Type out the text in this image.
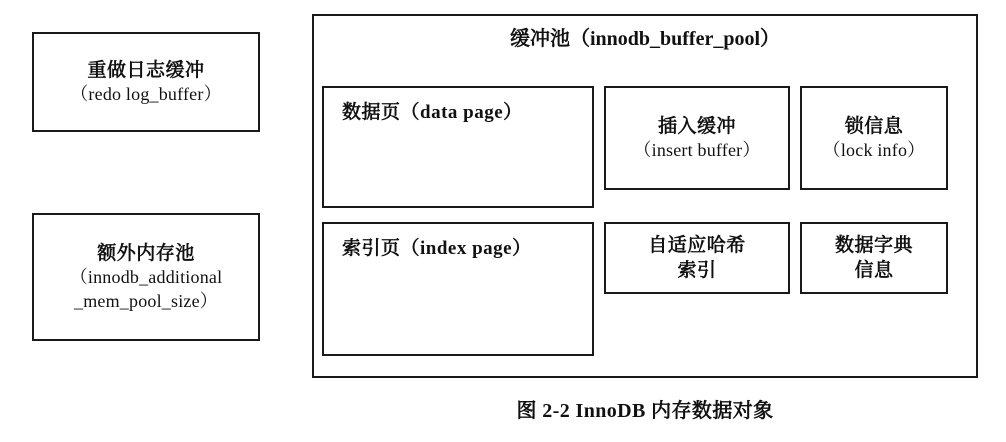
重做日志缓冲
（redo log_buffer）
额外内存池
（innodb_additional
_mem_pool_size）
缓冲池（innodb_buffer_pool）
数据页（data page）
插入缓冲
（insert buffer）
锁信息
（lock info）
索引页（index page）	自适应哈希
索引
数据字典
信息
图 2-2 InnoDB 内存数据对象
